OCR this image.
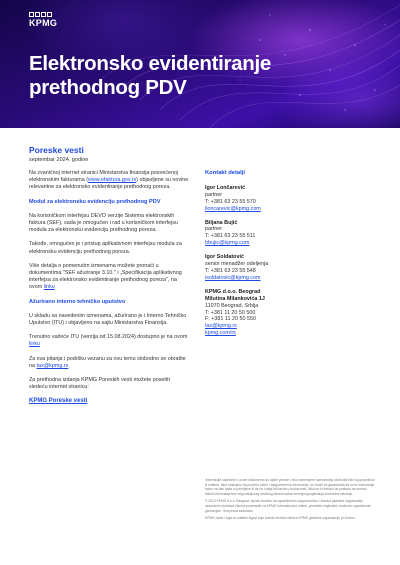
KPMG
Elektronsko evidentiranje
prethodnog PDV
Poreske vesti
septembar 2024. godine

Na zvaničnoj internet stranici Ministarstva finansija posvećenoj elektronskim fakturama (www.efaktura.gov.rs) objavljene su novine relevantne za elektronsko evidentiranje prethodnog poreza.

Modul za elektronsku evidenciju prethodnog PDV

Na korisničkom interfejsu DEVO verzije Sistema elektronskih faktura (SEF), sada je omogućen i rad u korisničkom interfejsu modula za elektronsku evidenciju prethodnog poreza.

Takođe, omogućen je i pristup aplikativnom interfejsu modula za elektronsku evidenciju prethodnog poreza.

Više detalja o pomenutim izmenama možete pronaći u dokumentima "SEF ažuriranje 3.10." i „Specifikacija aplikativnog interfejsa za elektronsko evidentiranje prethodnog poreza", na ovom linku

Ažurirano interno tehničko uputstvo

U skladu sa navedenim izmenama, ažurirano je i Interno Tehničko Uputstvo (ITU) i objavljeno na sajtu Ministarstva Finansija.

Trenutno važeće ITU (verzija od 15.08.2024) dostupno je na ovom linku

Za sva pitanja i podršku vezanu za ovu temu slobodno se obratite na tax@kpmg.rs

Za prethodna izdanja KPMG Poreskih vesti možete posetiti sledeću internet stranicu:

KPMG Poreske vesti

Kontakt detalji
Igor Lončarević
partner
T: +381 63 23 55 570
iloncarevic@kpmg.com
Biljana Bujić
partner
T: +381 63 23 55 511
bbujic@kpmg.com
Igor Soldatović
senior menadžer odeljenja
T: +381 63 23 55 548
isoldatovic@kpmg.com
KPMG d.o.o. Beograd
Milutina Milankovića 1J
11070 Beograd, Srbija
T: +381 11 20 50 500
F: +381 11 20 50 550
tax@kpmg.rs
kpmg.com/rs

Informacije sadržane u ovom dokumentu su opšte prirode i nisu namenjene razmatranju okolnosti bilo kog pojedinca ili entiteta. Iako nastojimo da pružimo tačne i blagovremene informacije, ne može se garantovati da su te informacije tačne na dan kada su primljene ili da će i dalje biti tačne u budućnosti. Niko ne bi trebalo da postupa na osnovu takvih informacija bez odgovarajućeg stručnog saveta nakon temeljnog ispitivanja konkretne situacije.

© 2024 KPMG d.o.o. Beograd, srpsko društvo sa ograničenom odgovornošću i članica globalne organizacije nezavisnih društava članica povezanih sa KPMG International Limited, privatnim engleskim društvom ograničenim garancijom. Sva prava zadržana.

KPMG naziv i logo su zaštitni žigovi koje koriste društva članice KPMG globalne organizacije po licenci.
